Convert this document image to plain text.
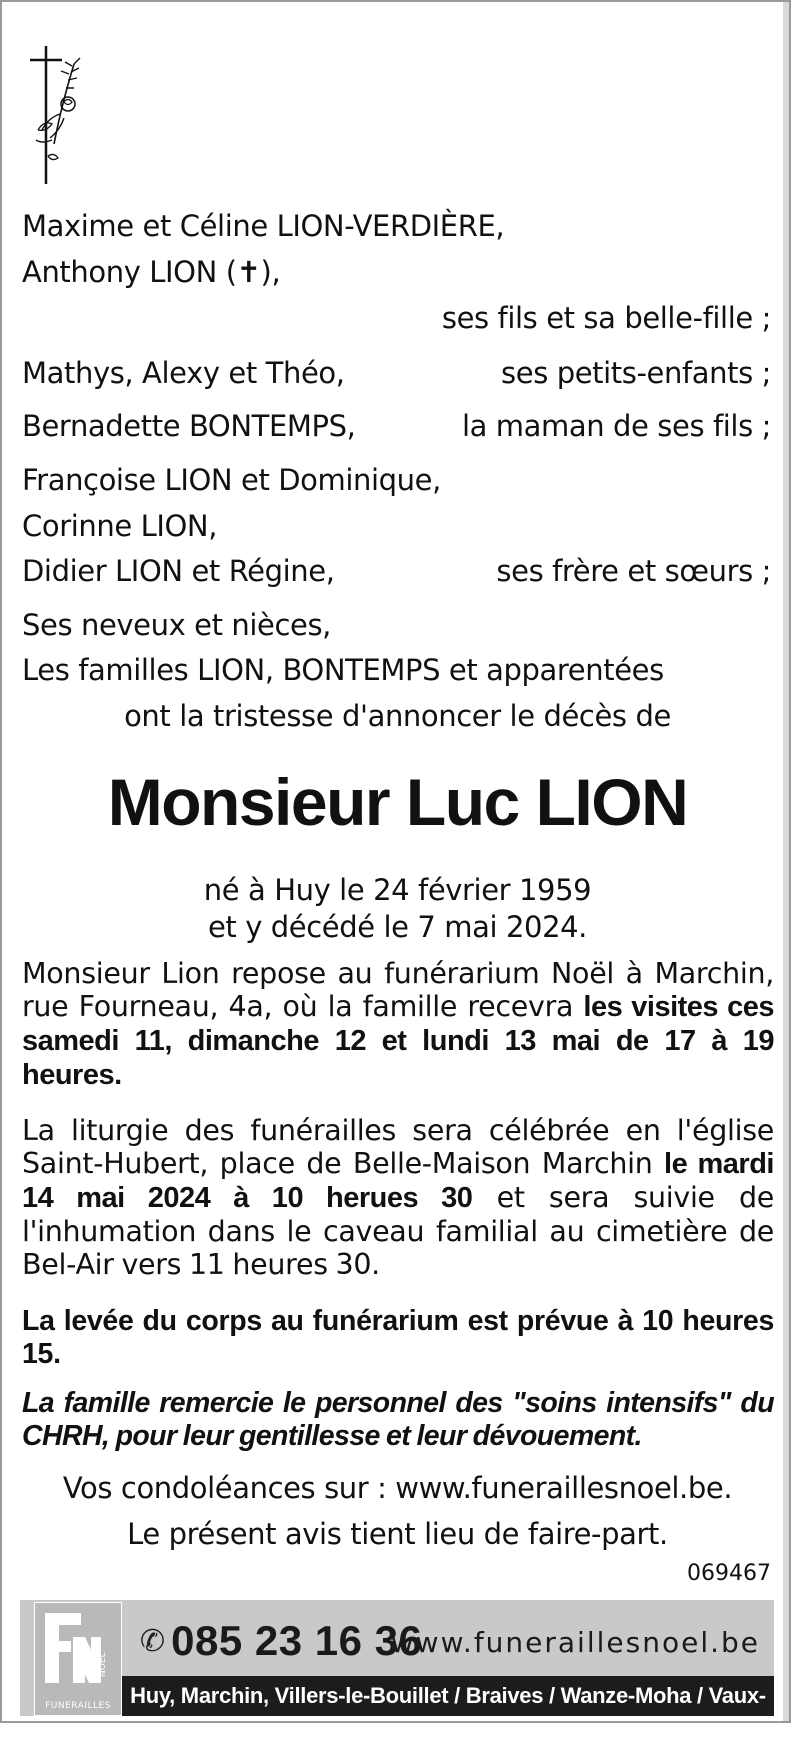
Maxime et Céline LION-VERDIÈRE,
Anthony LION (✝),
ses fils et sa belle-fille ;
Mathys, Alexy et Théo,	ses petits-enfants ;
Bernadette BONTEMPS,	la maman de ses fils ;
Françoise LION et Dominique,
Corinne LION,
Didier LION et Régine,	ses frère et sœurs ;
Ses neveux et nièces,
Les familles LION, BONTEMPS et apparentées
ont la tristesse d'annoncer le décès de
Monsieur Luc LION
né à Huy le 24 février 1959
et y décédé le 7 mai 2024.
Monsieur Lion repose au funérarium Noël à Marchin, rue Fourneau, 4a, où la famille recevra les visites ces samedi 11, dimanche 12 et lundi 13 mai de 17 à 19 heures.
La liturgie des funérailles sera célébrée en l'église Saint-Hubert, place de Belle-Maison Marchin le mardi 14 mai 2024 à 10 herues 30 et sera suivie de l'inhumation dans le caveau familial au cimetière de Bel-Air vers 11 heures 30.
La levée du corps au funérarium est prévue à 10 heures 15.
La famille remercie le personnel des "soins intensifs" du CHRH, pour leur gentillesse et leur dévouement.
Vos condoléances sur : www.funeraillesnoel.be.
Le présent avis tient lieu de faire-part.
069467
NOEL
FUNERAILLES
✆ 085 23 16 36
www.funeraillesnoel.be
Huy, Marchin, Villers-le-Bouillet / Braives / Wanze-Moha / Vaux-et-Borset
